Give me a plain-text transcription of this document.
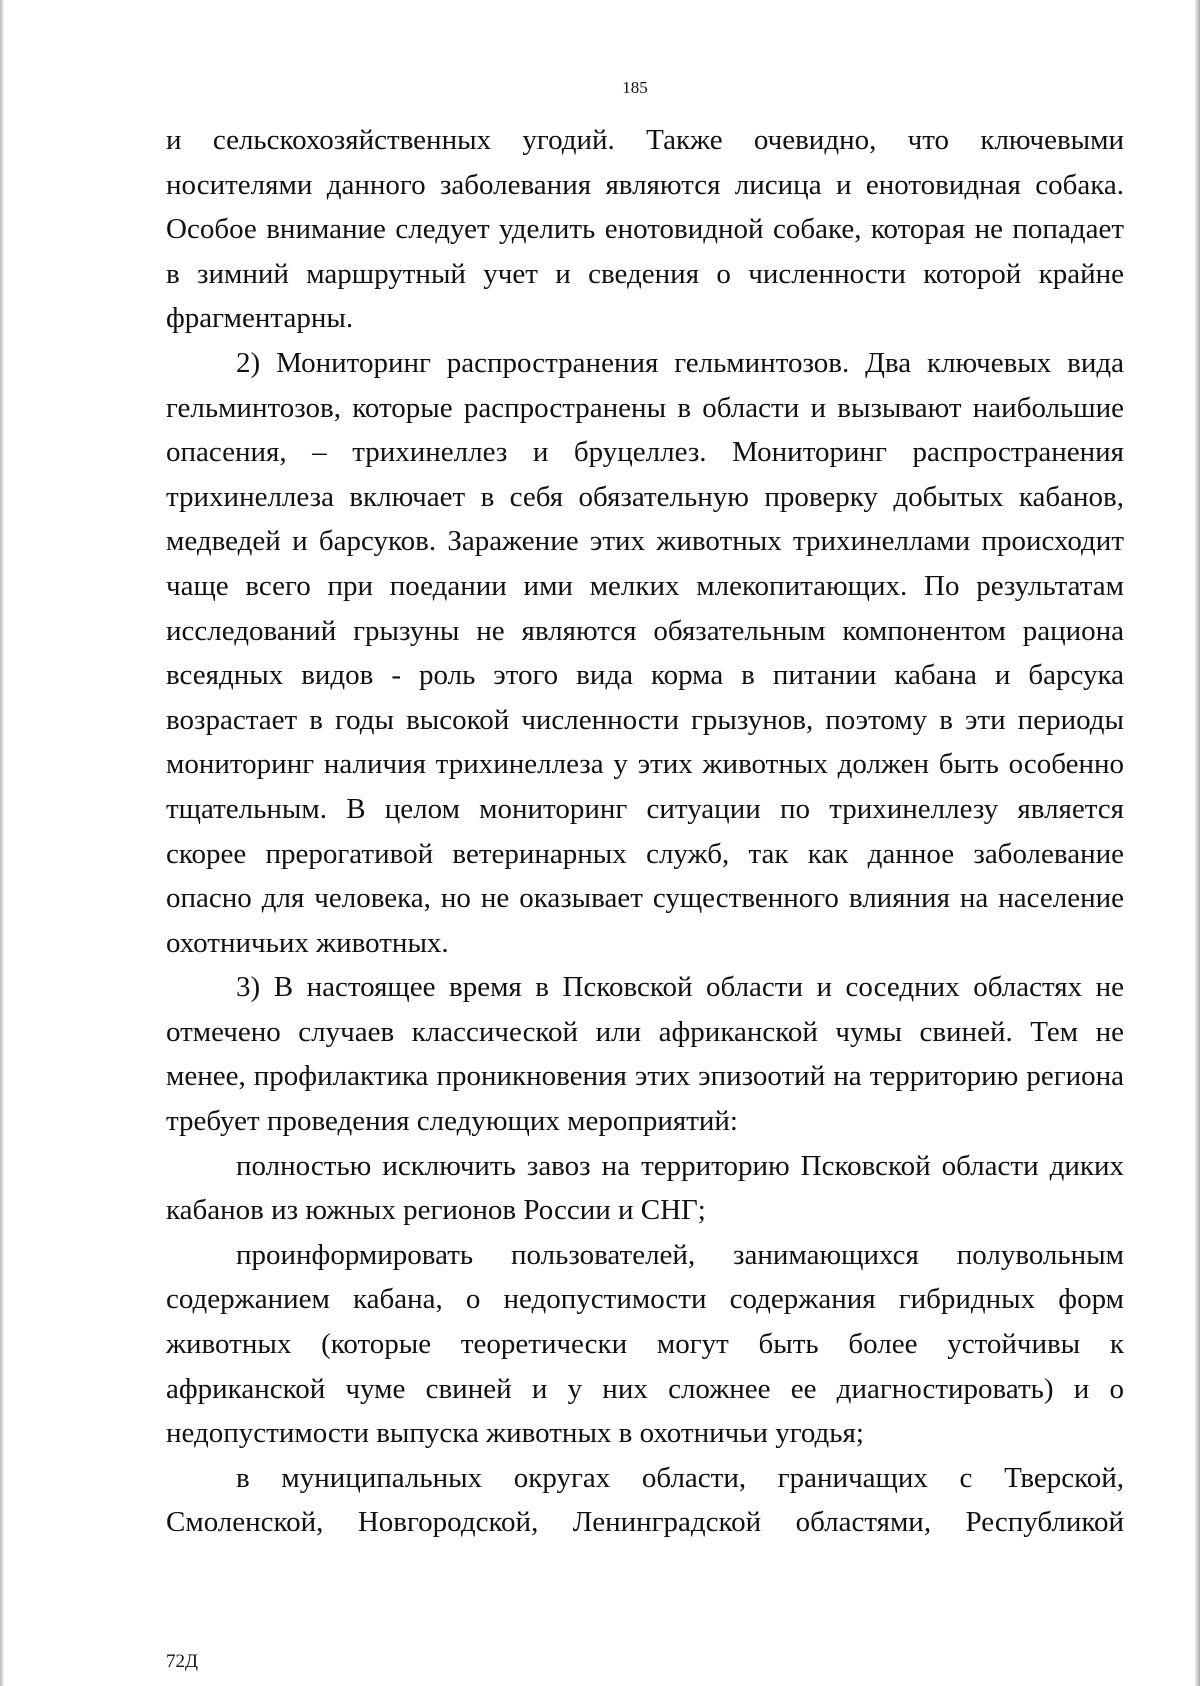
185

и сельскохозяйственных угодий. Также очевидно, что ключевыми носителями данного заболевания являются лисица и енотовидная собака. Особое внимание следует уделить енотовидной собаке, которая не попадает в зимний маршрутный учет и сведения о численности которой крайне фрагментарны.

2) Мониторинг распространения гельминтозов. Два ключевых вида гельминтозов, которые распространены в области и вызывают наибольшие опасения, – трихинеллез и бруцеллез. Мониторинг распространения трихинеллеза включает в себя обязательную проверку добытых кабанов, медведей и барсуков. Заражение этих животных трихинеллами происходит чаще всего при поедании ими мелких млекопитающих. По результатам исследований грызуны не являются обязательным компонентом рациона всеядных видов - роль этого вида корма в питании кабана и барсука возрастает в годы высокой численности грызунов, поэтому в эти периоды мониторинг наличия трихинеллеза у этих животных должен быть особенно тщательным. В целом мониторинг ситуации по трихинеллезу является скорее прерогативой ветеринарных служб, так как данное заболевание опасно для человека, но не оказывает существенного влияния на население охотничьих животных.

3) В настоящее время в Псковской области и соседних областях не отмечено случаев классической или африканской чумы свиней. Тем не менее, профилактика проникновения этих эпизоотий на территорию региона требует проведения следующих мероприятий:

полностью исключить завоз на территорию Псковской области диких кабанов из южных регионов России и СНГ;

проинформировать пользователей, занимающихся полувольным содержанием кабана, о недопустимости содержания гибридных форм животных (которые теоретически могут быть более устойчивы к африканской чуме свиней и у них сложнее ее диагностировать) и о недопустимости выпуска животных в охотничьи угодья;

в муниципальных округах области, граничащих с Тверской, Смоленской, Новгородской, Ленинградской областями, Республикой

72Д
